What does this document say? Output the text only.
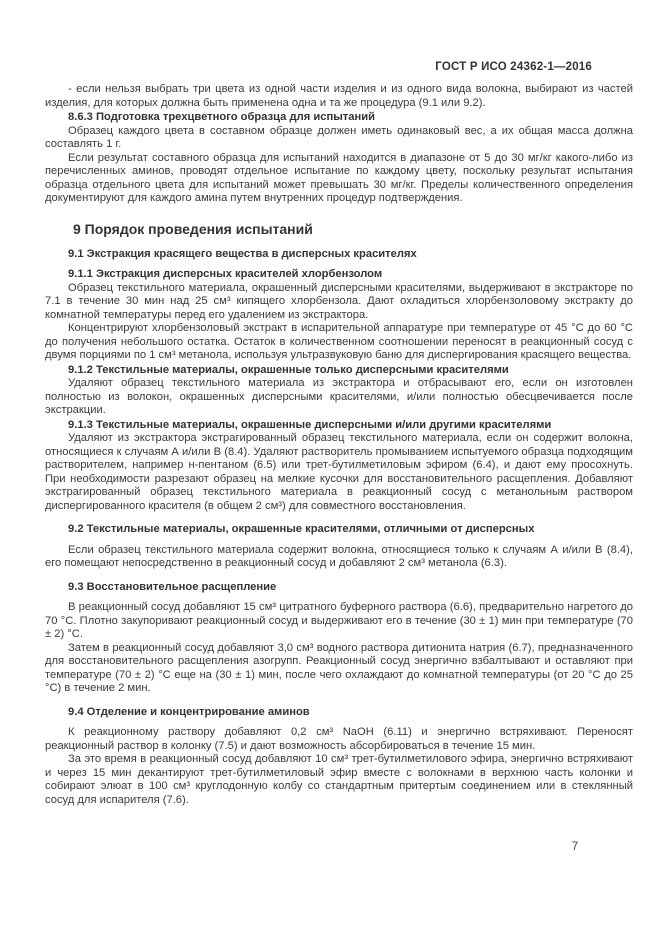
ГОСТ Р ИСО 24362-1—2016

- если нельзя выбрать три цвета из одной части изделия и из одного вида волокна, выбирают из частей изделия, для которых должна быть применена одна и та же процедура (9.1 или 9.2).

8.6.3 Подготовка трехцветного образца для испытаний

Образец каждого цвета в составном образце должен иметь одинаковый вес, а их общая масса должна составлять 1 г.

Если результат составного образца для испытаний находится в диапазоне от 5 до 30 мг/кг какого-либо из перечисленных аминов, проводят отдельное испытание по каждому цвету, поскольку результат испытания образца отдельного цвета для испытаний может превышать 30 мг/кг. Пределы количественного определения документируют для каждого амина путем внутренних процедур подтверждения.

9 Порядок проведения испытаний
9.1 Экстракция красящего вещества в дисперсных красителях
9.1.1 Экстракция дисперсных красителей хлорбензолом

Образец текстильного материала, окрашенный дисперсными красителями, выдерживают в экстракторе по 7.1 в течение 30 мин над 25 см³ кипящего хлорбензола. Дают охладиться хлорбензоловому экстракту до комнатной температуры перед его удалением из экстрактора.

Концентрируют хлорбензоловый экстракт в испарительной аппаратуре при температуре от 45 °С до 60 °С до получения небольшого остатка. Остаток в количественном соотношении переносят в реакционный сосуд с двумя порциями по 1 см³ метанола, используя ультразвуковую баню для диспергирования красящего вещества.

9.1.2 Текстильные материалы, окрашенные только дисперсными красителями

Удаляют образец текстильного материала из экстрактора и отбрасывают его, если он изготовлен полностью из волокон, окрашенных дисперсными красителями, и/или полностью обесцвечивается после экстракции.

9.1.3 Текстильные материалы, окрашенные дисперсными и/или другими красителями

Удаляют из экстрактора экстрагированный образец текстильного материала, если он содержит волокна, относящиеся к случаям А и/или В (8.4). Удаляют растворитель промыванием испытуемого образца подходящим растворителем, например н-пентаном (6.5) или трет-бутилметиловым эфиром (6.4), и дают ему просохнуть. При необходимости разрезают образец на мелкие кусочки для восстановительного расщепления. Добавляют экстрагированный образец текстильного материала в реакционный сосуд с метанольным раствором диспергированного красителя (в общем 2 см³) для совместного восстановления.

9.2 Текстильные материалы, окрашенные красителями, отличными от дисперсных

Если образец текстильного материала содержит волокна, относящиеся только к случаям А и/или В (8.4), его помещают непосредственно в реакционный сосуд и добавляют 2 см³ метанола (6.3).

9.3 Восстановительное расщепление

В реакционный сосуд добавляют 15 см³ цитратного буферного раствора (6.6), предварительно нагретого до 70 °С. Плотно закупоривают реакционный сосуд и выдерживают его в течение (30 ± 1) мин при температуре (70 ± 2) °С.

Затем в реакционный сосуд добавляют 3,0 см³ водного раствора дитионита натрия (6.7), предназначенного для восстановительного расщепления азогрупп. Реакционный сосуд энергично взбалтывают и оставляют при температуре (70 ± 2) °С еще на (30 ± 1) мин, после чего охлаждают до комнатной температуры (от 20 °С до 25 °С) в течение 2 мин.

9.4 Отделение и концентрирование аминов

К реакционному раствору добавляют 0,2 см³ NaOH (6.11) и энергично встряхивают. Переносят реакционный раствор в колонку (7.5) и дают возможность абсорбироваться в течение 15 мин.

За это время в реакционный сосуд добавляют 10 см³ трет-бутилметилового эфира, энергично встряхивают и через 15 мин декантируют трет-бутилметиловый эфир вместе с волокнами в верхнюю часть колонки и собирают элюат в 100 см³ круглодонную колбу со стандартным притертым соединением или в стеклянный сосуд для испарителя (7.6).

7
